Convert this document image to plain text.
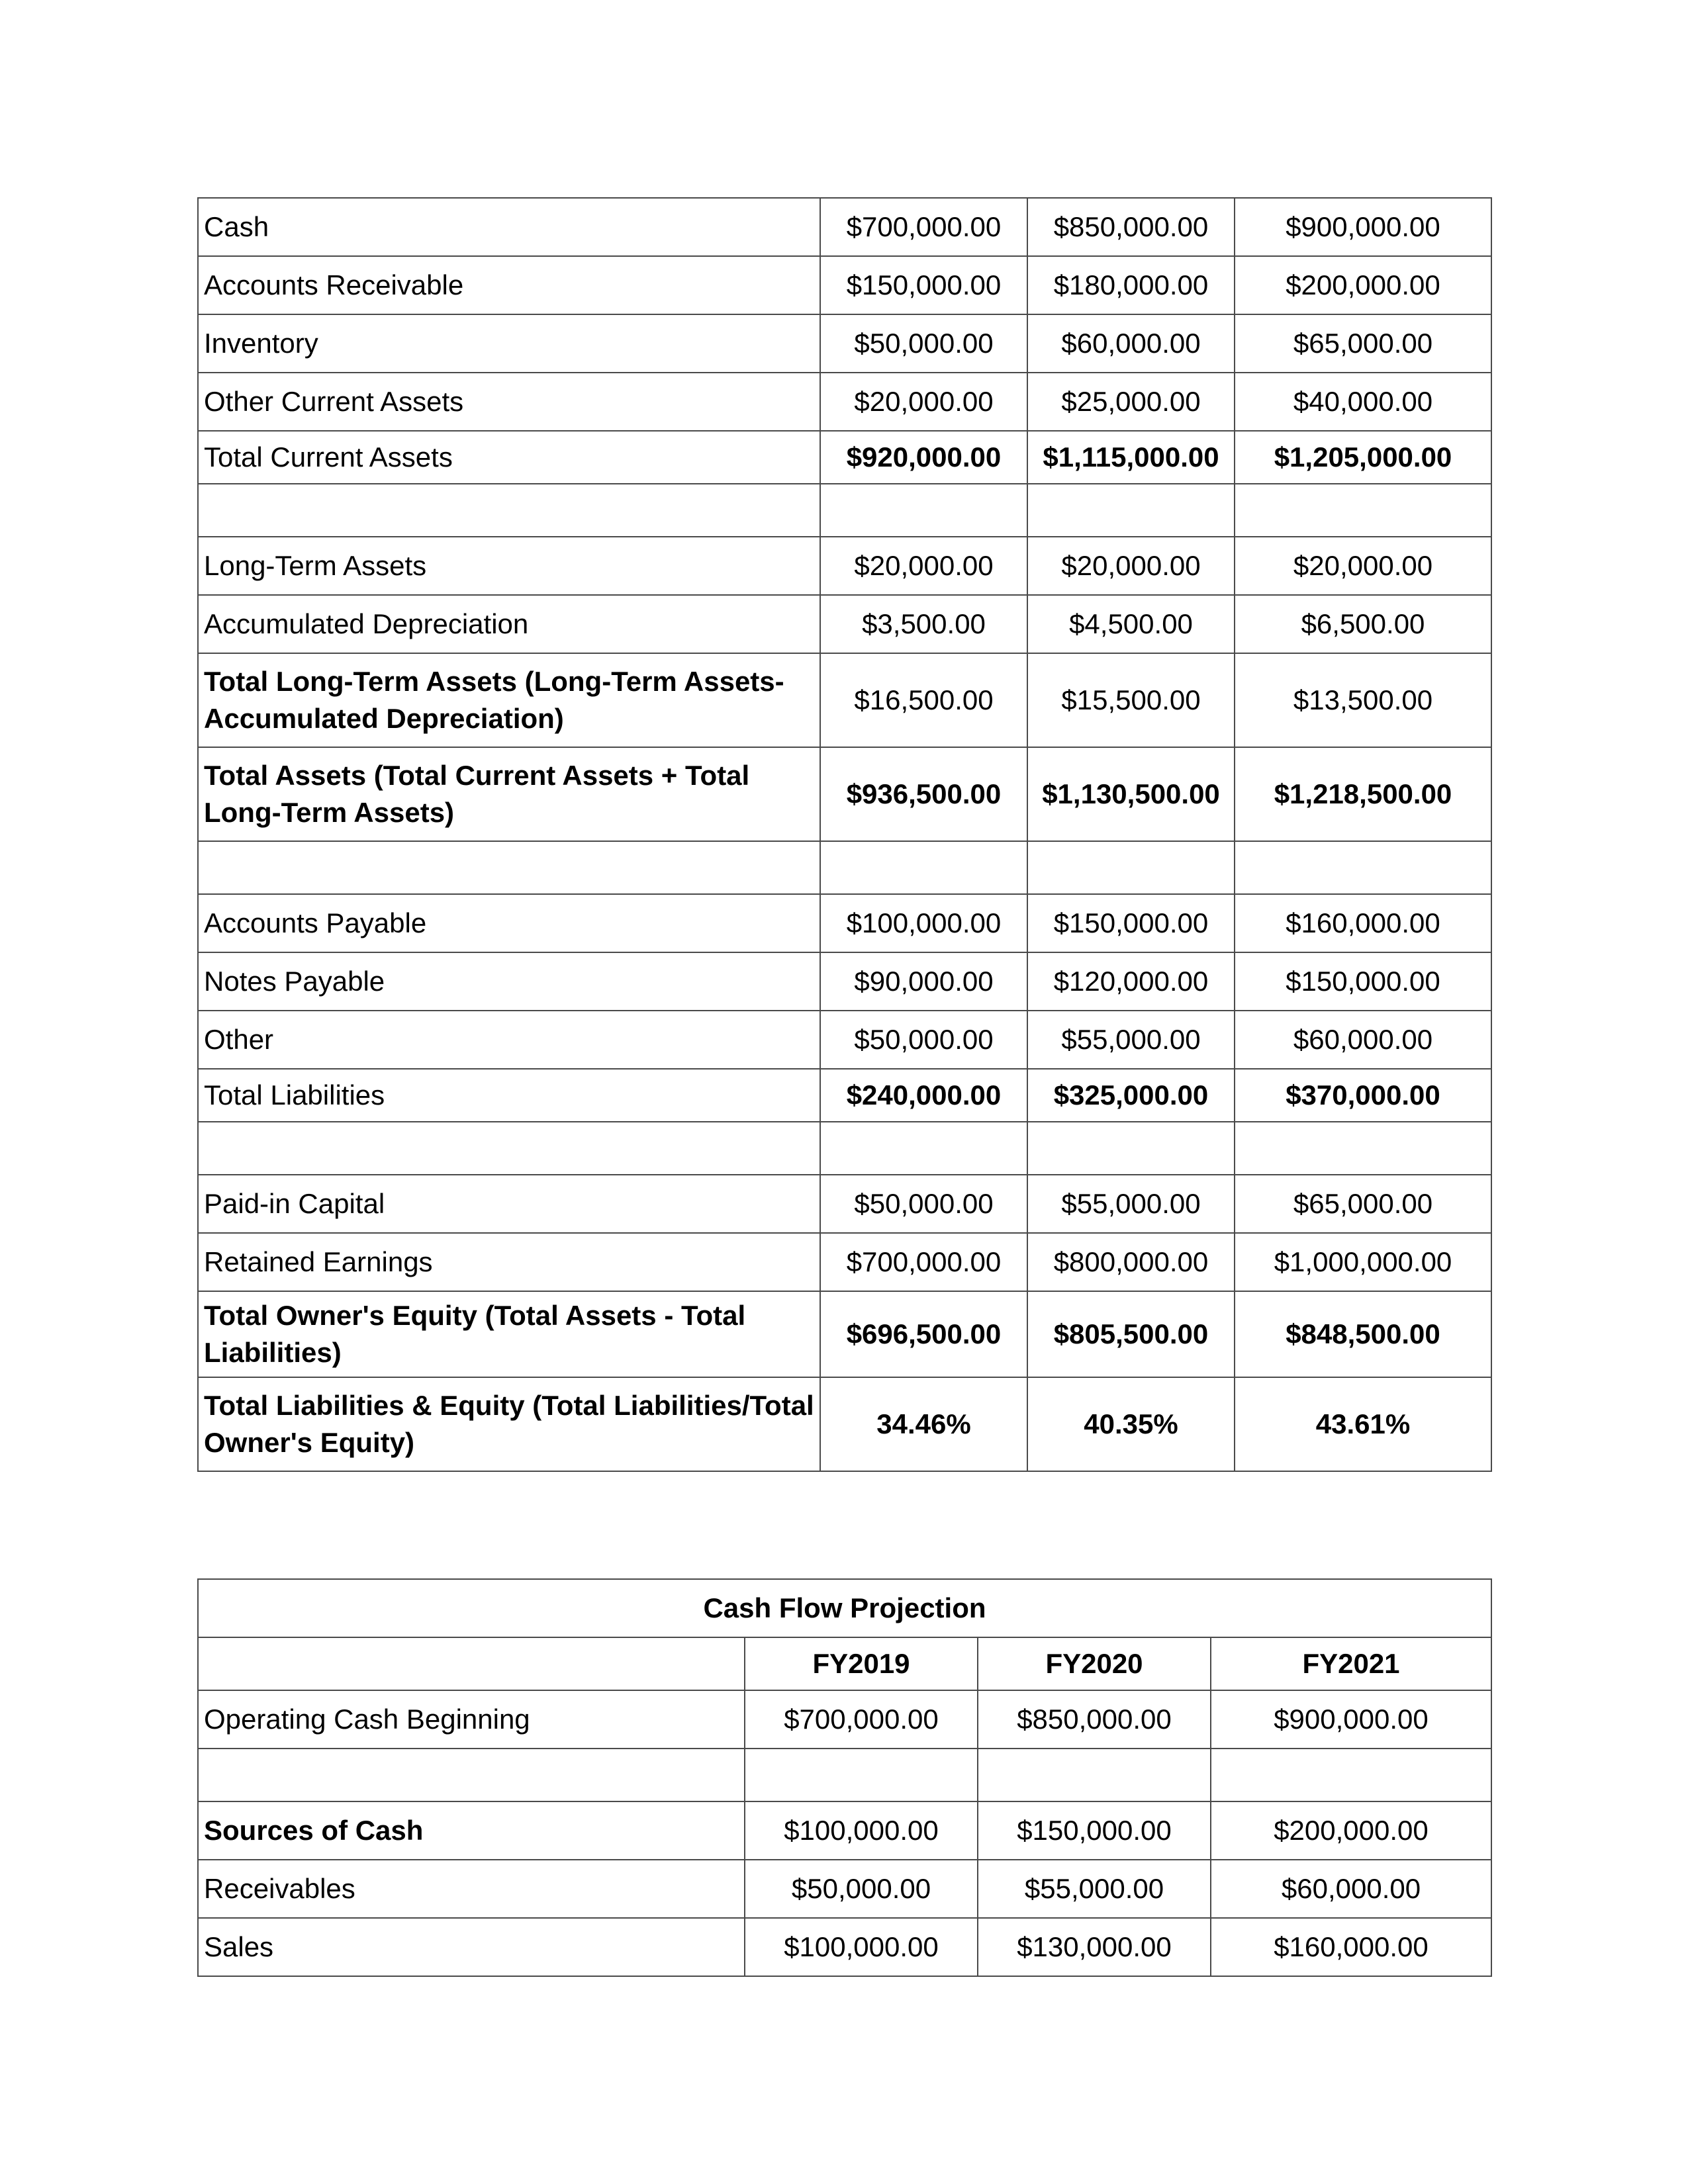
Cash	$700,000.00	$850,000.00	$900,000.00
Accounts Receivable	$150,000.00	$180,000.00	$200,000.00
Inventory	$50,000.00	$60,000.00	$65,000.00
Other Current Assets	$20,000.00	$25,000.00	$40,000.00
Total Current Assets	$920,000.00	$1,115,000.00	$1,205,000.00

Long-Term Assets	$20,000.00	$20,000.00	$20,000.00
Accumulated Depreciation	$3,500.00	$4,500.00	$6,500.00
Total Long-Term Assets (Long-Term Assets-Accumulated Depreciation)	$16,500.00	$15,500.00	$13,500.00
Total Assets (Total Current Assets + Total Long-Term Assets)	$936,500.00	$1,130,500.00	$1,218,500.00

Accounts Payable	$100,000.00	$150,000.00	$160,000.00
Notes Payable	$90,000.00	$120,000.00	$150,000.00
Other	$50,000.00	$55,000.00	$60,000.00
Total Liabilities	$240,000.00	$325,000.00	$370,000.00

Paid-in Capital	$50,000.00	$55,000.00	$65,000.00
Retained Earnings	$700,000.00	$800,000.00	$1,000,000.00
Total Owner's Equity (Total Assets - Total Liabilities)	$696,500.00	$805,500.00	$848,500.00
Total Liabilities & Equity (Total Liabilities/Total Owner's Equity)	34.46%	40.35%	43.61%
Cash Flow Projection			
	FY2019	FY2020	FY2021
Operating Cash Beginning	$700,000.00	$850,000.00	$900,000.00

Sources of Cash	$100,000.00	$150,000.00	$200,000.00
Receivables	$50,000.00	$55,000.00	$60,000.00
Sales	$100,000.00	$130,000.00	$160,000.00
